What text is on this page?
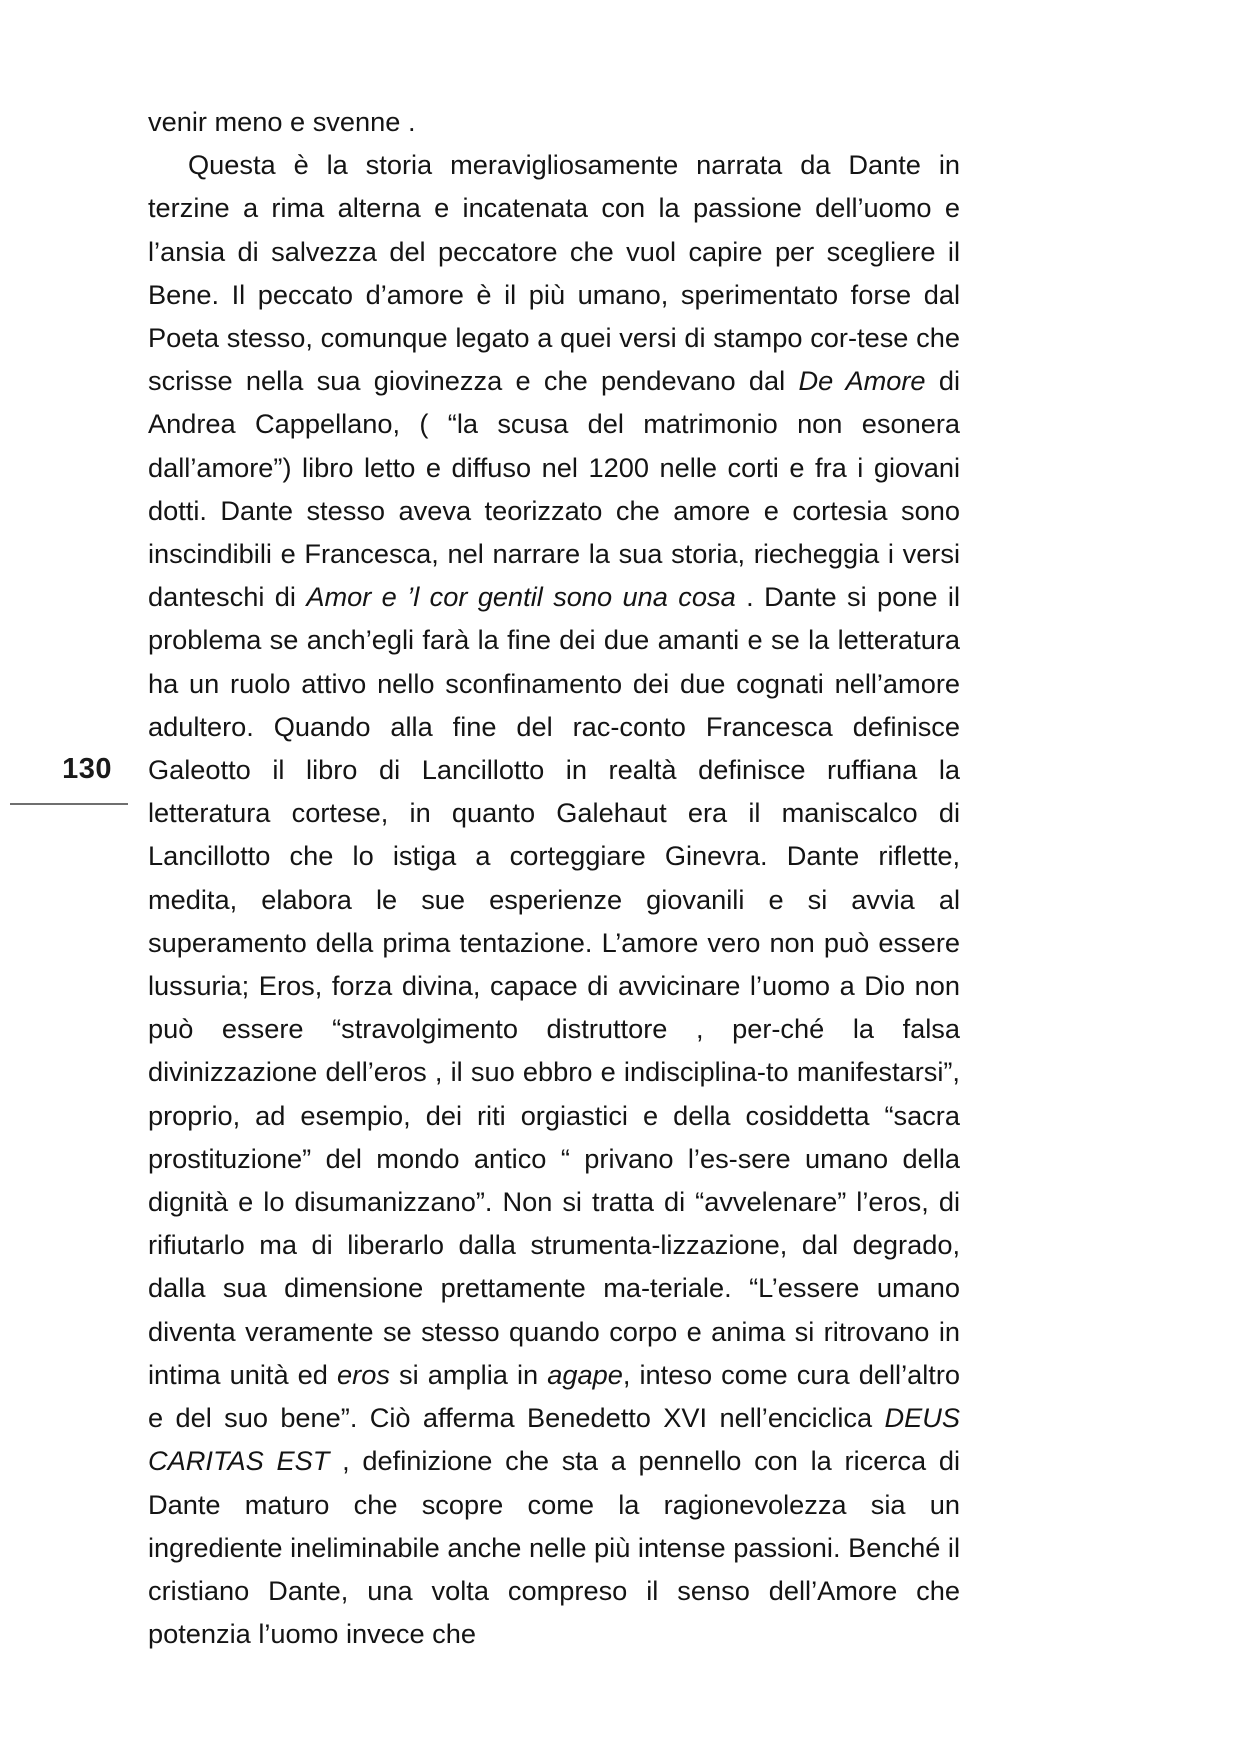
130

venir meno e svenne .

Questa è la storia meravigliosamente narrata da Dante in terzine a rima alterna e incatenata con la passione dell’uomo e l’ansia di salvezza del peccatore che vuol capire per scegliere il Bene. Il peccato d’amore è il più umano, sperimentato forse dal Poeta stesso, comunque legato a quei versi di stampo cor-​tese che scrisse nella sua giovinezza e che pendevano dal De Amore di Andrea Cappellano, ( “la scusa del matrimonio non esonera dall’amore”) libro letto e diffuso nel 1200 nelle corti e fra i giovani dotti. Dante stesso aveva teorizzato che amore e cortesia sono inscindibili e Francesca, nel narrare la sua storia, riecheggia i versi danteschi di Amor e ’l cor gentil sono una cosa . Dante si pone il problema se anch’egli farà la fine dei due amanti e se la letteratura ha un ruolo attivo nello sconfinamento dei due cognati nell’amore adultero. Quando alla fine del rac-​conto Francesca definisce Galeotto il libro di Lancillotto in realtà definisce ruffiana la letteratura cortese, in quanto Galehaut era il maniscalco di Lancillotto che lo istiga a corteggiare Ginevra. Dante riflette, medita, elabora le sue esperienze giovanili e si avvia al superamento della prima tentazione. L’amore vero non può essere lussuria; Eros, forza divina, capace di avvicinare l’uomo a Dio non può essere “stravolgimento distruttore , per-​ché la falsa divinizzazione dell’eros , il suo ebbro e indisciplina-​to manifestarsi”, proprio, ad esempio, dei riti orgiastici e della cosiddetta “sacra prostituzione” del mondo antico “ privano l’es-​sere umano della dignità e lo disumanizzano”. Non si tratta di “avvelenare” l’eros, di rifiutarlo ma di liberarlo dalla strumenta-​lizzazione, dal degrado, dalla sua dimensione prettamente ma-​teriale. “L’essere umano diventa veramente se stesso quando corpo e anima si ritrovano in intima unità ed eros si amplia in agape, inteso come cura dell’altro e del suo bene”. Ciò afferma Benedetto XVI nell’enciclica DEUS CARITAS EST , definizione che sta a pennello con la ricerca di Dante maturo che scopre come la ragionevolezza sia un ingrediente ineliminabile anche nelle più intense passioni. Benché il cristiano Dante, una volta compreso il senso dell’Amore che potenzia l’uomo invece che
